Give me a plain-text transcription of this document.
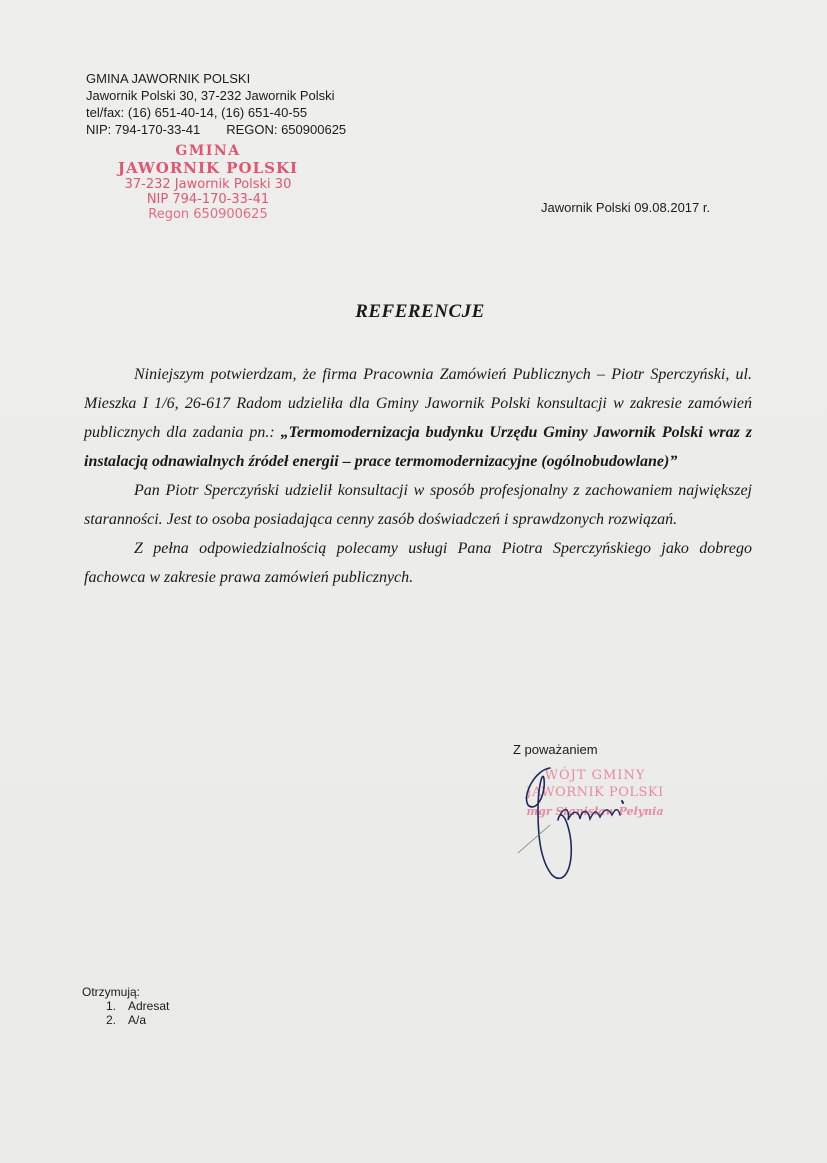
GMINA JAWORNIK POLSKI
Jawornik Polski 30, 37-232 Jawornik Polski
tel/fax: (16) 651-40-14, (16) 651-40-55
NIP: 794-170-33-41 REGON: 650900625
GMINA
JAWORNIK POLSKI
37-232 Jawornik Polski 30
NIP 794-170-33-41
Regon 650900625	Jawornik Polski 09.08.2017 r.
REFERENCJE

Niniejszym potwierdzam, że firma Pracownia Zamówień Publicznych – Piotr Sperczyński, ul. Mieszka I 1/6, 26-617 Radom udzieliła dla Gminy Jawornik Polski konsultacji w zakresie zamówień publicznych dla zadania pn.: „Termomodernizacja budynku Urzędu Gminy Jawornik Polski wraz z instalacją odnawialnych źródeł energii – prace termomodernizacyjne (ogólnobudowlane)”

Pan Piotr Sperczyński udzielił konsultacji w sposób profesjonalny z zachowaniem największej staranności. Jest to osoba posiadająca cenny zasób doświadczeń i sprawdzonych rozwiązań.

Z pełna odpowiedzialnością polecamy usługi Pana Piotra Sperczyńskiego jako dobrego fachowca w zakresie prawa zamówień publicznych.

Z poważaniem
WÓJT GMINY
JAWORNIK POLSKI
mgr Stanisław Pelynia
Otrzymują:
1. Adresat
2. A/a
